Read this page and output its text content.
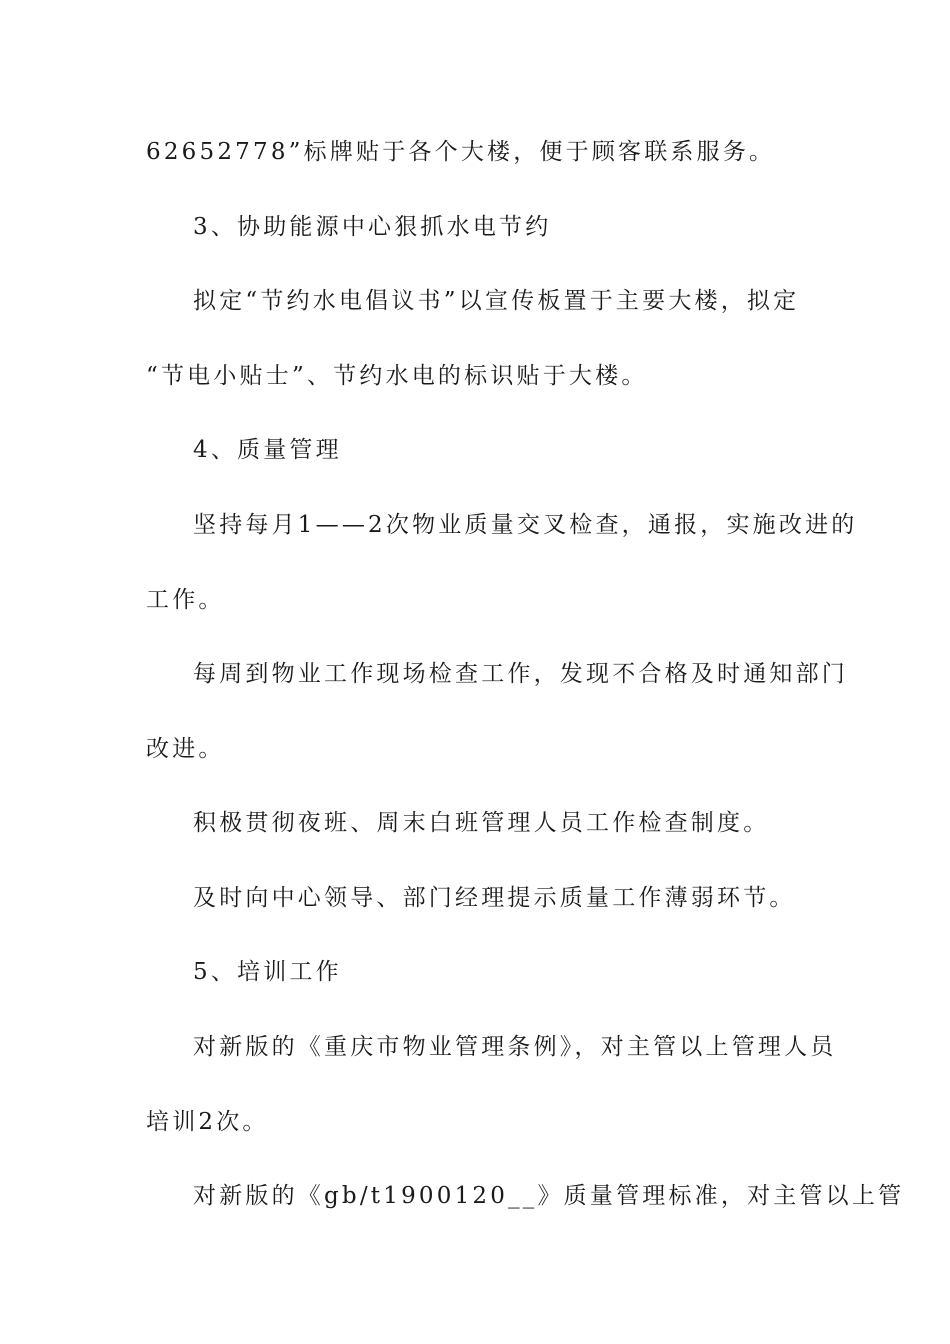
62652778”标牌贴于各个大楼，便于顾客联系服务。
3、协助能源中心狠抓水电节约
拟定“节约水电倡议书”以宣传板置于主要大楼，拟定
“节电小贴士”、节约水电的标识贴于大楼。
4、质量管理
坚持每月1——2次物业质量交叉检查，通报，实施改进的
工作。
每周到物业工作现场检查工作，发现不合格及时通知部门
改进。
积极贯彻夜班、周末白班管理人员工作检查制度。
及时向中心领导、部门经理提示质量工作薄弱环节。
5、培训工作
对新版的《重庆市物业管理条例》，对主管以上管理人员
培训2次。
对新版的《gb/t1900120__》质量管理标准，对主管以上管
